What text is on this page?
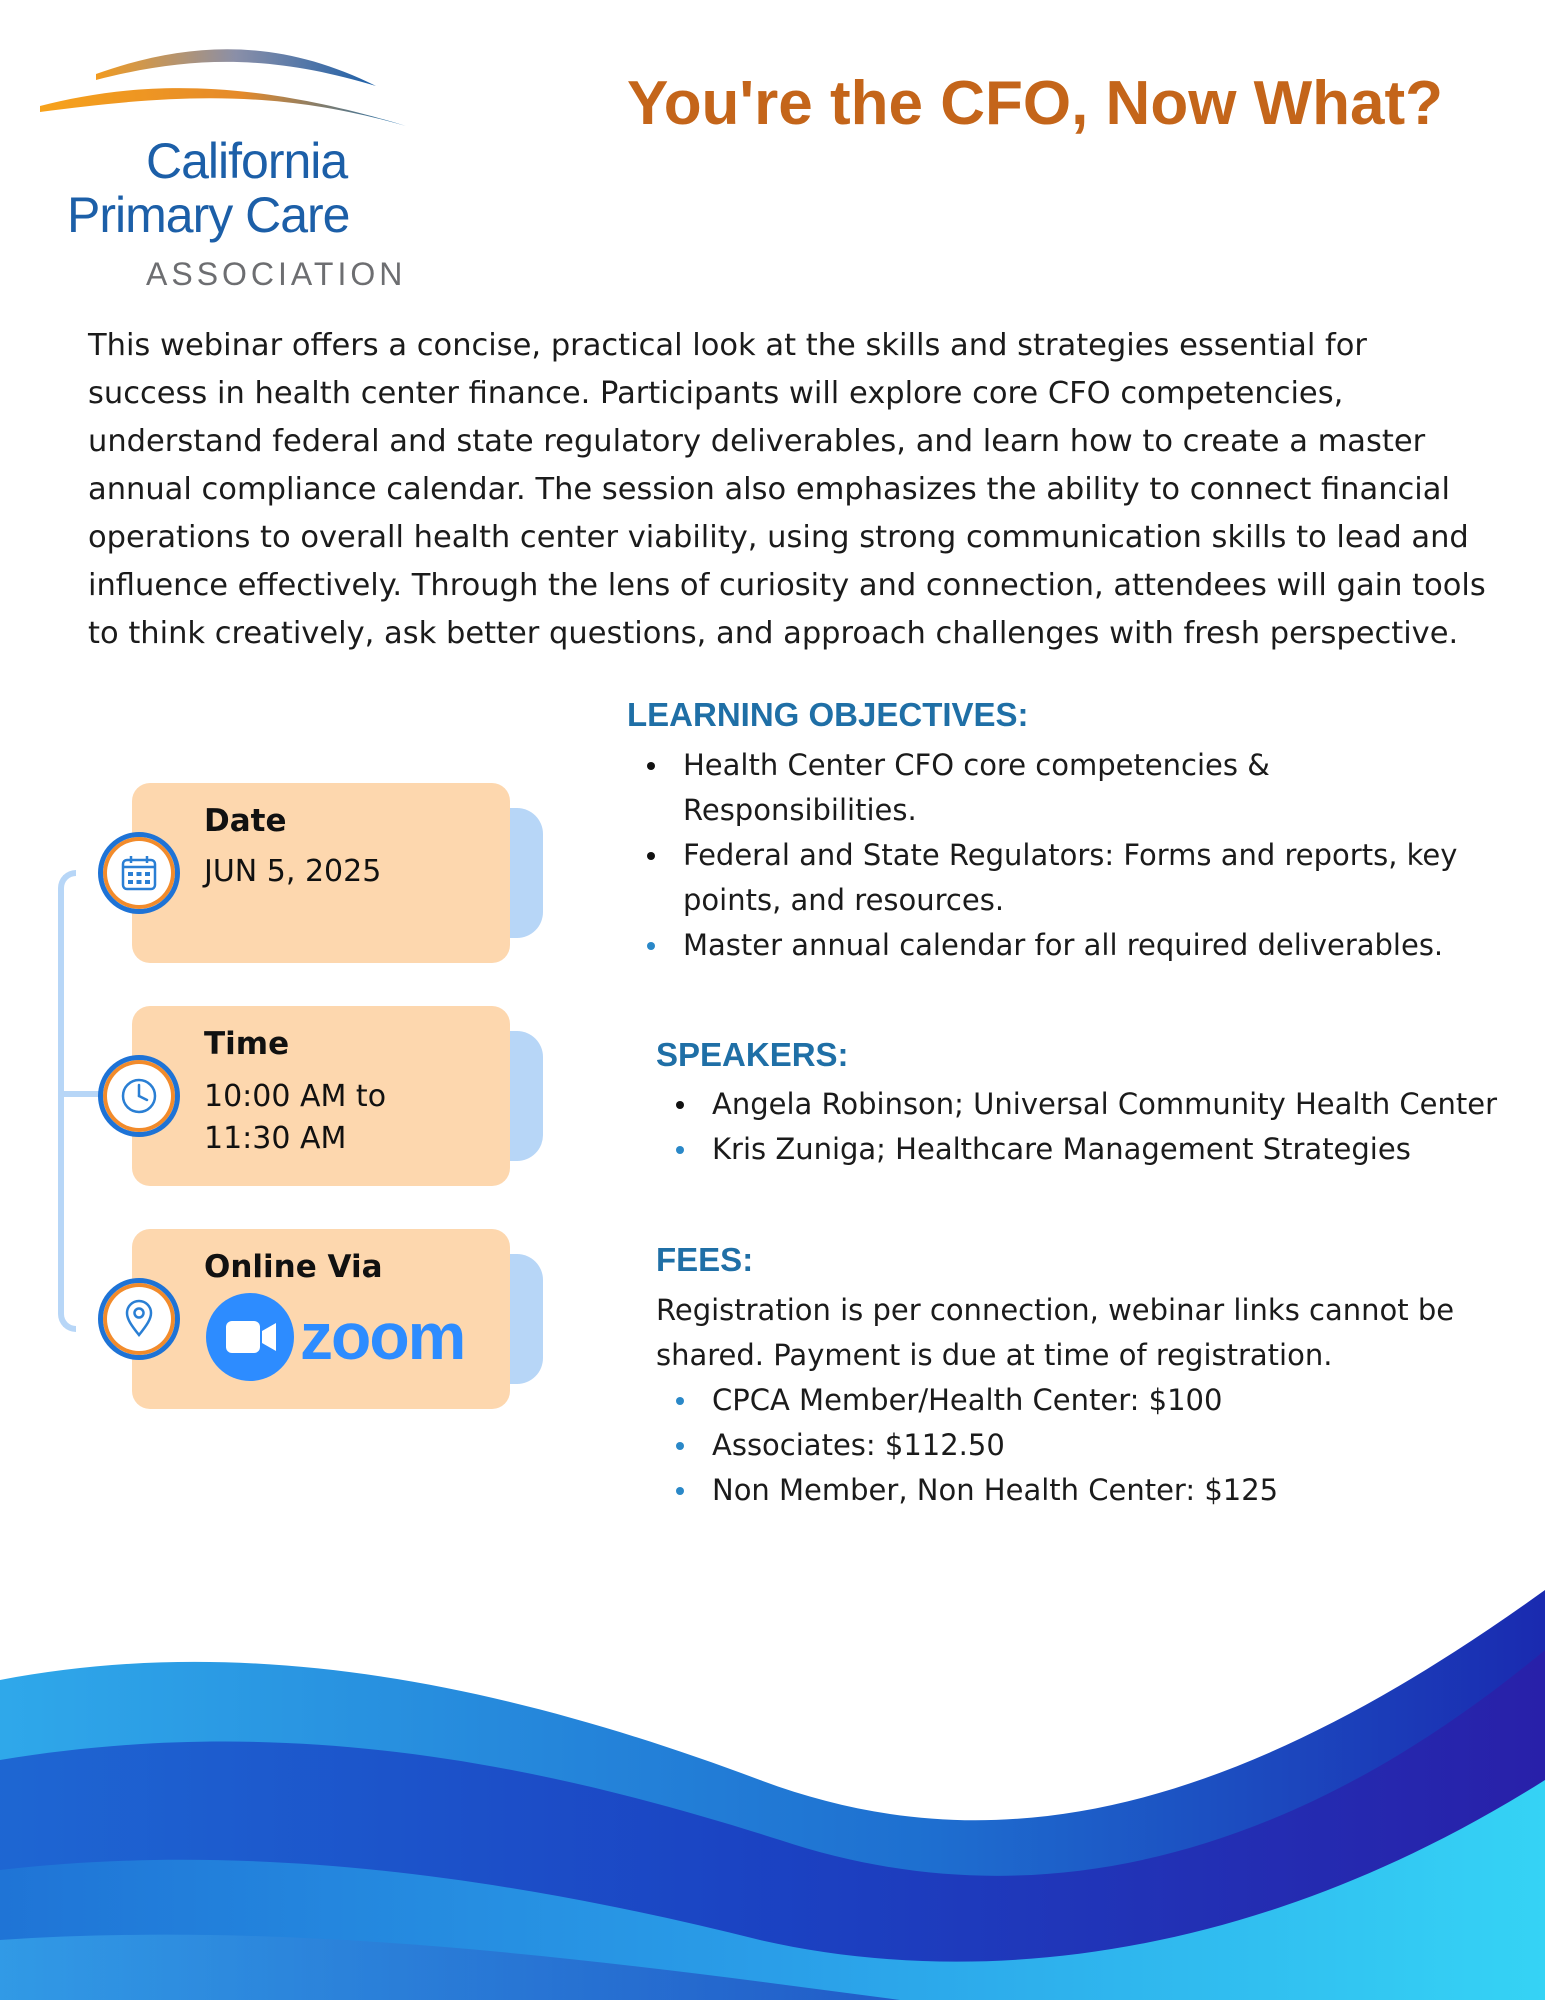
California
Primary Care
ASSOCIATION
You're the CFO, Now What?

This webinar offers a concise, practical look at the skills and strategies essential for success in health center finance. Participants will explore core CFO competencies, understand federal and state regulatory deliverables, and learn how to create a master annual compliance calendar. The session also emphasizes the ability to connect financial operations to overall health center viability, using strong communication skills to lead and influence effectively. Through the lens of curiosity and connection, attendees will gain tools to think creatively, ask better questions, and approach challenges with fresh perspective.

Date
JUN 5, 2025
Time
10:00 AM to 11:30 AM
Online Via
zoom
LEARNING OBJECTIVES:
Health Center CFO core competencies & Responsibilities.
Federal and State Regulators: Forms and reports, key points, and resources.
Master annual calendar for all required deliverables.
SPEAKERS:
Angela Robinson; Universal Community Health Center
Kris Zuniga; Healthcare Management Strategies
FEES:

Registration is per connection, webinar links cannot be shared. Payment is due at time of registration.

CPCA Member/Health Center: $100
Associates: $112.50
Non Member, Non Health Center: $125
